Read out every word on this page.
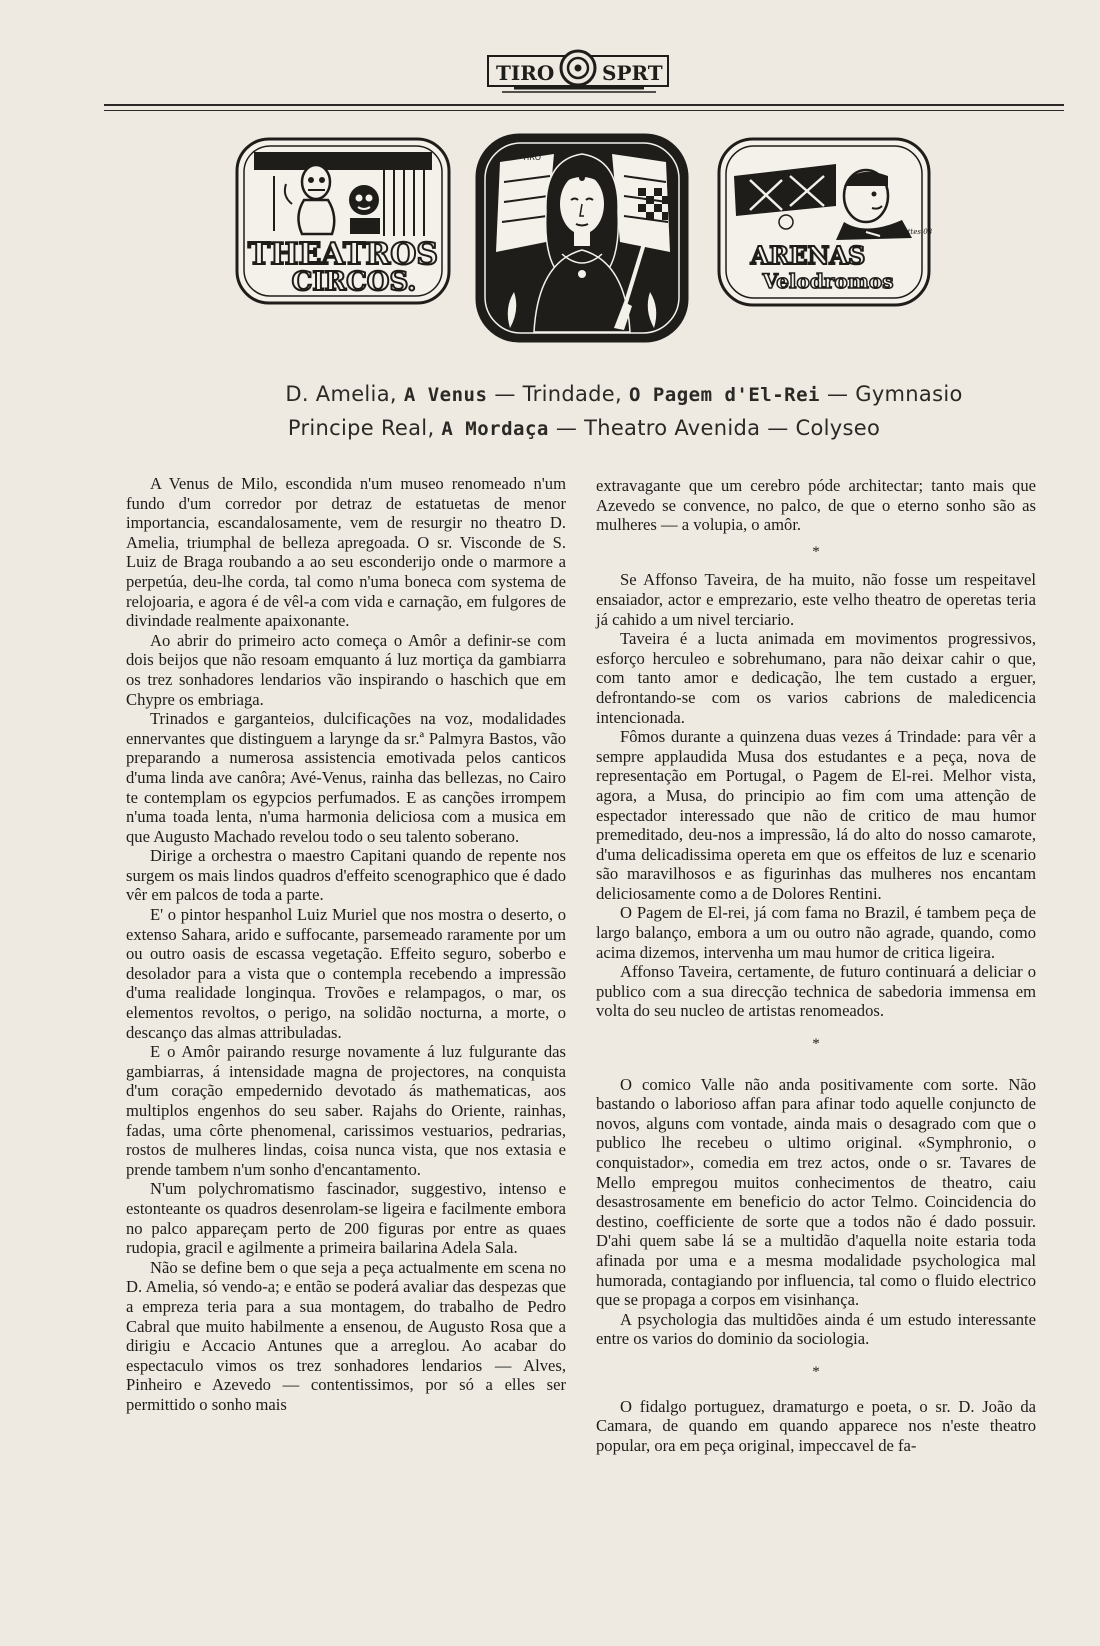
TIRO SPRT
THEATROS
CIRCOS.
TIRO
A. Guttes 08
ARENAS
Velodromos
D. Amelia, A Venus — Trindade, O Pagem d'El-Rei — Gymnasio
Principe Real, A Mordaça — Theatro Avenida — Colyseo

A Venus de Milo, escondida n'um museo renomeado n'um fundo d'um corredor por detraz de estatuetas de menor importancia, escandalosamente, vem de resurgir no theatro D. Amelia, triumphal de belleza apregoada. O sr. Visconde de S. Luiz de Braga roubando a ao seu esconderijo onde o marmore a perpetúa, deu-lhe corda, tal como n'uma boneca com systema de relojoaria, e agora é de vêl-a com vida e carnação, em fulgores de divindade realmente apaixonante.

Ao abrir do primeiro acto começa o Amôr a definir-se com dois beijos que não resoam emquanto á luz mortiça da gambiarra os trez sonhadores lendarios vão inspirando o haschich que em Chypre os embriaga.

Trinados e garganteios, dulcificações na voz, modalidades ennervantes que distinguem a larynge da sr.ª Palmyra Bastos, vão preparando a numerosa assistencia emotivada pelos canticos d'uma linda ave canôra; Avé-Venus, rainha das bellezas, no Cairo te contemplam os egypcios perfumados. E as canções irrompem n'uma toada lenta, n'uma harmonia deliciosa com a musica em que Augusto Machado revelou todo o seu talento soberano.

Dirige a orchestra o maestro Capitani quando de repente nos surgem os mais lindos quadros d'effeito scenographico que é dado vêr em palcos de toda a parte.

E' o pintor hespanhol Luiz Muriel que nos mostra o deserto, o extenso Sahara, arido e suffocante, parsemeado raramente por um ou outro oasis de escassa vegetação. Effeito seguro, soberbo e desolador para a vista que o contempla recebendo a impressão d'uma realidade longinqua. Trovões e relampagos, o mar, os elementos revoltos, o perigo, na solidão nocturna, a morte, o descanço das almas attribuladas.

E o Amôr pairando resurge novamente á luz fulgurante das gambiarras, á intensidade magna de projectores, na conquista d'um coração empedernido devotado ás mathematicas, aos multiplos engenhos do seu saber. Rajahs do Oriente, rainhas, fadas, uma côrte phenomenal, carissimos vestuarios, pedrarias, rostos de mulheres lindas, coisa nunca vista, que nos extasia e prende tambem n'um sonho d'encantamento.

N'um polychromatismo fascinador, suggestivo, intenso e estonteante os quadros desenrolam-se ligeira e facilmente embora no palco appareçam perto de 200 figuras por entre as quaes rudopia, gracil e agilmente a primeira bailarina Adela Sala.

Não se define bem o que seja a peça actualmente em scena no D. Amelia, só vendo-a; e então se poderá avaliar das despezas que a empreza teria para a sua montagem, do trabalho de Pedro Cabral que muito habilmente a ensenou, de Augusto Rosa que a dirigiu e Accacio Antunes que a arreglou. Ao acabar do espectaculo vimos os trez sonhadores lendarios — Alves, Pinheiro e Azevedo — contentissimos, por só a elles ser permittido o sonho mais

extravagante que um cerebro póde architectar; tanto mais que Azevedo se convence, no palco, de que o eterno sonho são as mulheres — a volupia, o amôr.

*

Se Affonso Taveira, de ha muito, não fosse um respeitavel ensaiador, actor e emprezario, este velho theatro de operetas teria já cahido a um nivel terciario.

Taveira é a lucta animada em movimentos progressivos, esforço herculeo e sobrehumano, para não deixar cahir o que, com tanto amor e dedicação, lhe tem custado a erguer, defrontando-se com os varios cabrions de maledicencia intencionada.

Fômos durante a quinzena duas vezes á Trindade: para vêr a sempre applaudida Musa dos estudantes e a peça, nova de representação em Portugal, o Pagem de El-rei. Melhor vista, agora, a Musa, do principio ao fim com uma attenção de espectador interessado que não de critico de mau humor premeditado, deu-nos a impressão, lá do alto do nosso camarote, d'uma delicadissima opereta em que os effeitos de luz e scenario são maravilhosos e as figurinhas das mulheres nos encantam deliciosamente como a de Dolores Rentini.

O Pagem de El-rei, já com fama no Brazil, é tambem peça de largo balanço, embora a um ou outro não agrade, quando, como acima dizemos, intervenha um mau humor de critica ligeira.

Affonso Taveira, certamente, de futuro continuará a deliciar o publico com a sua direcção technica de sabedoria immensa em volta do seu nucleo de artistas renomeados.

*

O comico Valle não anda positivamente com sorte. Não bastando o laborioso affan para afinar todo aquelle conjuncto de novos, alguns com vontade, ainda mais o desagrado com que o publico lhe recebeu o ultimo original. «Symphronio, o conquistador», comedia em trez actos, onde o sr. Tavares de Mello empregou muitos conhecimentos de theatro, caiu desastrosamente em beneficio do actor Telmo. Coincidencia do destino, coefficiente de sorte que a todos não é dado possuir. D'ahi quem sabe lá se a multidão d'aquella noite estaria toda afinada por uma e a mesma modalidade psychologica mal humorada, contagiando por influencia, tal como o fluido electrico que se propaga a corpos em visinhança.

A psychologia das multidões ainda é um estudo interessante entre os varios do dominio da sociologia.

*

O fidalgo portuguez, dramaturgo e poeta, o sr. D. João da Camara, de quando em quando apparece nos n'este theatro popular, ora em peça original, impeccavel de fa-
